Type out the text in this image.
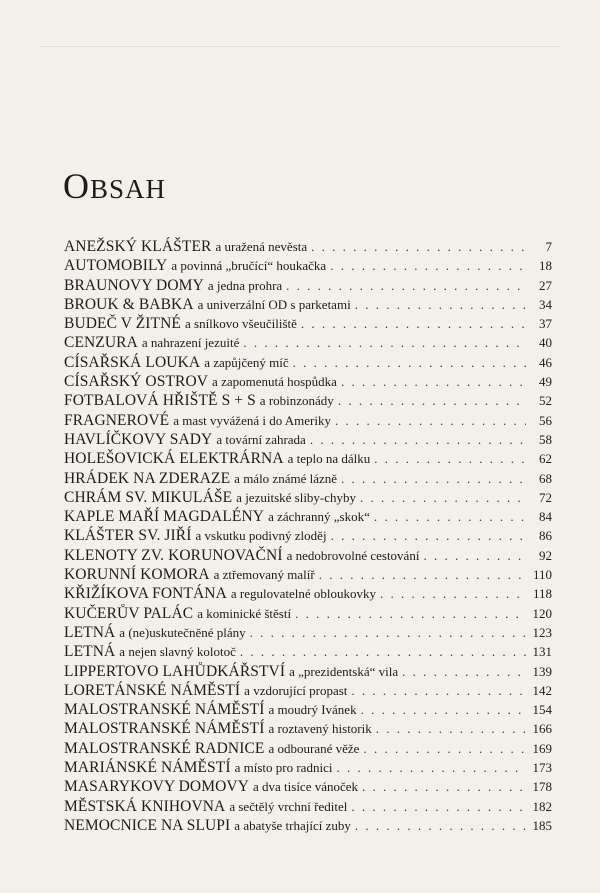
OBSAH
ANEŽSKÝ KLÁŠTER a uražená nevěsta . . .	7
AUTOMOBILY a povinná „bručící“ houkačka . . .	18
BRAUNOVY DOMY a jedna prohra . . .	27
BROUK & BABKA a univerzální OD s parketami . . .	34
BUDEČ V ŽITNÉ a snílkovo všeučiliště . . .	37
CENZURA a nahrazení jezuité . . .	40
CÍSAŘSKÁ LOUKA a zapůjčený míč . . .	46
CÍSAŘSKÝ OSTROV a zapomenutá hospůdka . . .	49
FOTBALOVÁ HŘIŠTĚ S + S a robinzonády . . .	52
FRAGNEROVÉ a mast vyvážená i do Ameriky . . .	56
HAVLÍČKOVY SADY a tovární zahrada . . .	58
HOLEŠOVICKÁ ELEKTRÁRNA a teplo na dálku . . .	62
HRÁDEK NA ZDERAZE a málo známé lázně . . .	68
CHRÁM SV. MIKULÁŠE a jezuitské sliby-chyby . . .	72
KAPLE MAŘÍ MAGDALÉNY a záchranný „skok“ . . .	84
KLÁŠTER SV. JIŘÍ a vskutku podivný zloděj . . .	86
KLENOTY ZV. KORUNOVAČNÍ a nedobrovolné cestování . . .	92
KORUNNÍ KOMORA a ztřemovaný malíř . . .	110
KŘIŽÍKOVA FONTÁNA a regulovatelné obloukovky . . .	118
KUČERŮV PALÁC a kominické štěstí . . .	120
LETNÁ a (ne)uskutečněné plány . . .	123
LETNÁ a nejen slavný kolotoč . . .	131
LIPPERTOVO LAHŮDKÁŘSTVÍ a „prezidentská“ vila . . .	139
LORETÁNSKÉ NÁMĚSTÍ a vzdorující propast . . .	142
MALOSTRANSKÉ NÁMĚSTÍ a moudrý Ivánek . . .	154
MALOSTRANSKÉ NÁMĚSTÍ a roztavený historik . . .	166
MALOSTRANSKÉ RADNICE a odbourané věže . . .	169
MARIÁNSKÉ NÁMĚSTÍ a místo pro radnici . . .	173
MASARYKOVY DOMOVY a dva tisíce vánoček . . .	178
MĚSTSKÁ KNIHOVNA a sečtělý vrchní ředitel . . .	182
NEMOCNICE NA SLUPI a abatyše trhající zuby . . .	185
